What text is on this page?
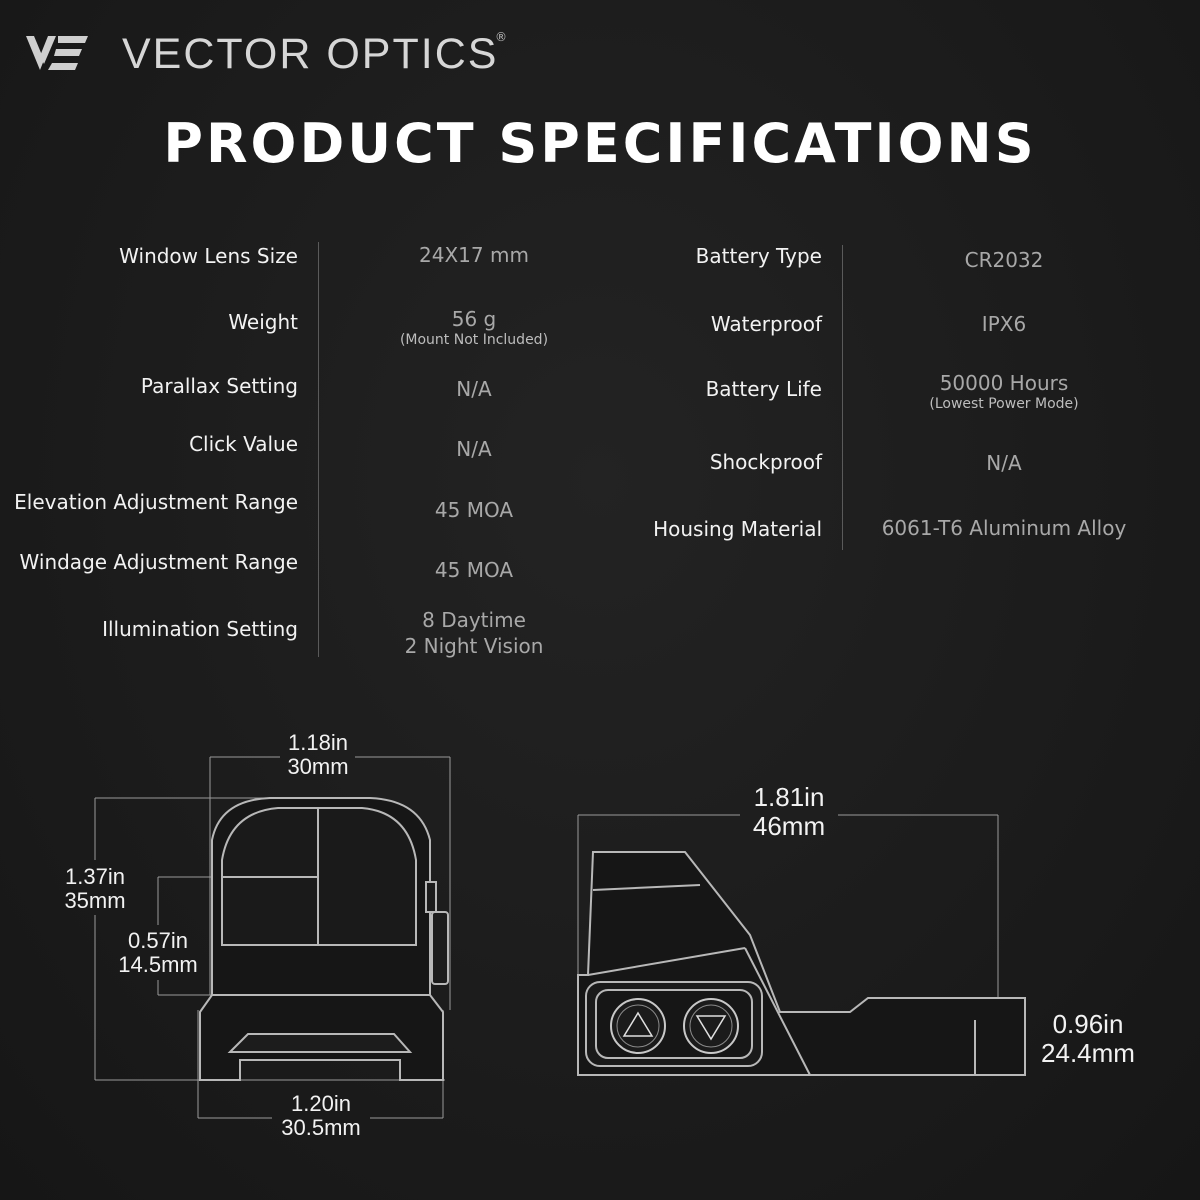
VECTOR OPTICS
®
PRODUCT SPECIFICATIONS
Window Lens Size	24X17 mm
Weight	56 g
(Mount Not Included)
Parallax Setting	N/A
Click Value	N/A
Elevation Adjustment Range	45 MOA
Windage Adjustment Range	45 MOA
Illumination Setting	8 Daytime
2 Night Vision
Battery Type	CR2032
Waterproof	IPX6
Battery Life	50000 Hours
(Lowest Power Mode)
Shockproof	N/A
Housing Material	6061-T6 Aluminum Alloy
1.18in
30mm
1.37in
35mm
0.57in
14.5mm
1.20in
30.5mm
1.81in
46mm
0.96in
24.4mm
